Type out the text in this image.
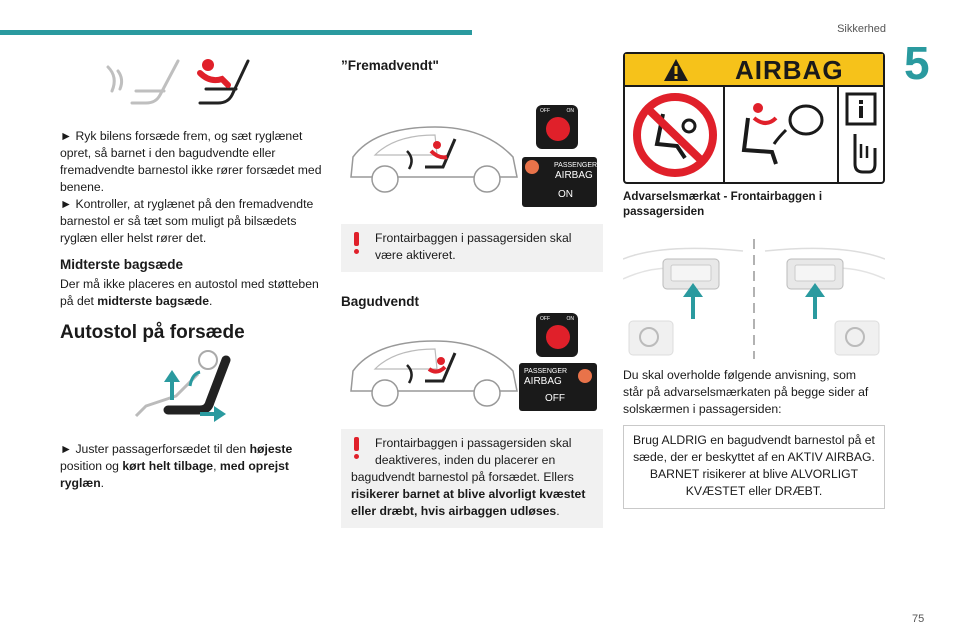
Sikkerhed
5
75

► Ryk bilens forsæde frem, og sæt ryglænet

opret, så barnet i den bagudvendte eller

fremadvendte barnestol ikke rører forsædet med

benene.

► Kontroller, at ryglænet på den fremadvendte

barnestol er så tæt som muligt på bilsædets

ryglæn eller helst rører det.

Midterste bagsæde

Der må ikke placeres en autostol med støtteben

på det midterste bagsæde.

Autostol på forsæde

► Juster passagerforsædet til den højeste

position og kørt helt tilbage, med oprejst

ryglæn.

”Fremadvendt"
OFF	ON
PASSENGER
AIRBAG
ON
Frontairbaggen i passagersiden skal
være aktiveret.
Bagudvendt
OFF	ON
PASSENGER
AIRBAG
OFF
Frontairbaggen i passagersiden skal
deaktiveres, inden du placerer en
bagudvendt barnestol på forsædet. Ellers
risikerer barnet at blive alvorligt kvæstet
eller dræbt, hvis airbaggen udløses.
AIRBAG
Advarselsmærkat - Frontairbaggen i
passagersiden

Du skal overholde følgende anvisning, som

står på advarselsmærkaten på begge sider af

solskærmen i passagersiden:

Brug ALDRIG en bagudvendt barnestol på et
sæde, der er beskyttet af en AKTIV AIRBAG.
BARNET risikerer at blive ALVORLIGT
KVÆSTET eller DRÆBT.
